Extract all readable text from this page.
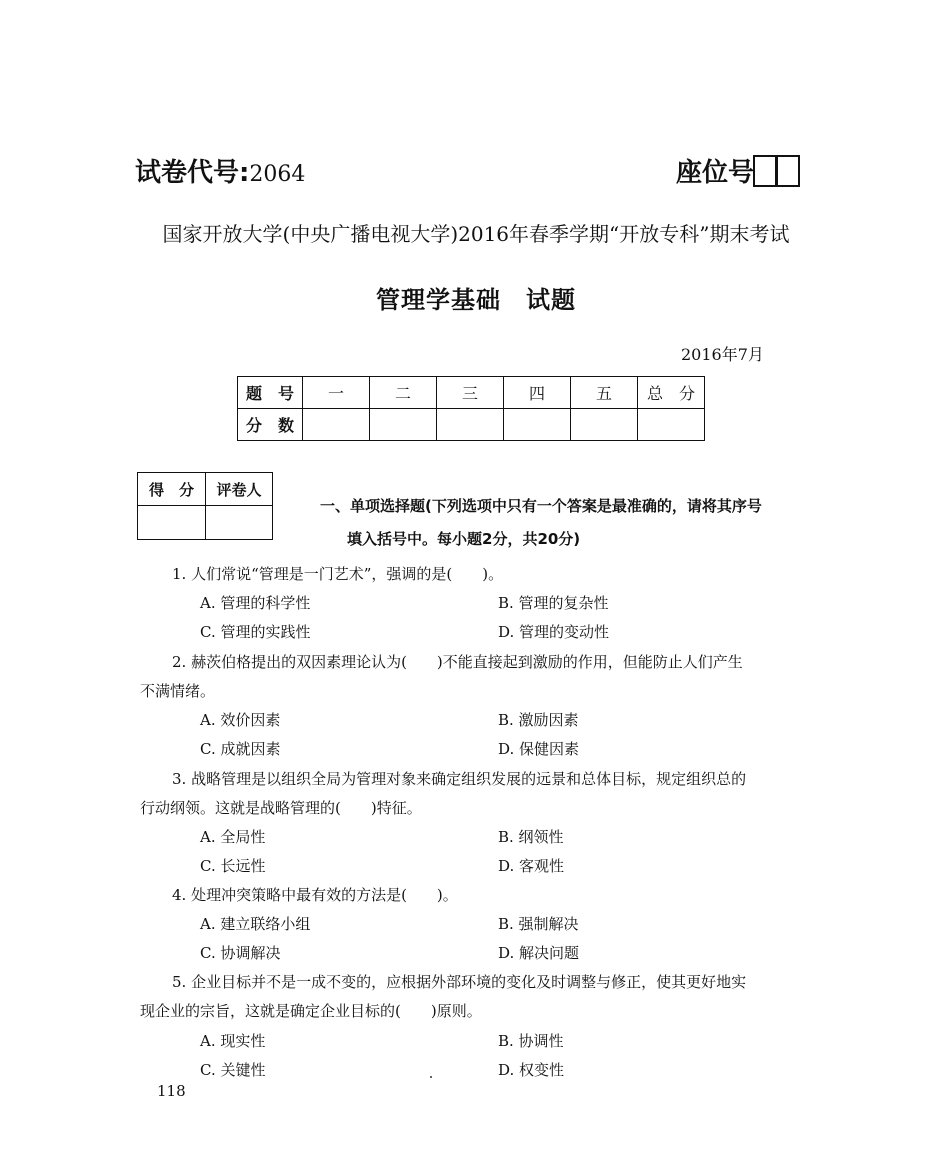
试卷代号:2064	座位号
国家开放大学(中央广播电视大学)2016年春季学期“开放专科”期末考试
管理学基础　试题
2016年7月
题　号	一	二	三	四	五	总　分
分　数						
得　分	评卷人

一、单项选择题(下列选项中只有一个答案是最准确的，请将其序号
填入括号中。每小题2分，共20分)
1. 人们常说“管理是一门艺术”，强调的是(　　)。
A. 管理的科学性	B. 管理的复杂性
C. 管理的实践性	D. 管理的变动性
2. 赫茨伯格提出的双因素理论认为(　　)不能直接起到激励的作用，但能防止人们产生
不满情绪。
A. 效价因素	B. 激励因素
C. 成就因素	D. 保健因素
3. 战略管理是以组织全局为管理对象来确定组织发展的远景和总体目标，规定组织总的
行动纲领。这就是战略管理的(　　)特征。
A. 全局性	B. 纲领性
C. 长远性	D. 客观性
4. 处理冲突策略中最有效的方法是(　　)。
A. 建立联络小组	B. 强制解决
C. 协调解决	D. 解决问题
5. 企业目标并不是一成不变的，应根据外部环境的变化及时调整与修正，使其更好地实
现企业的宗旨，这就是确定企业目标的(　　)原则。
A. 现实性	B. 协调性
C. 关键性	D. 权变性
118
